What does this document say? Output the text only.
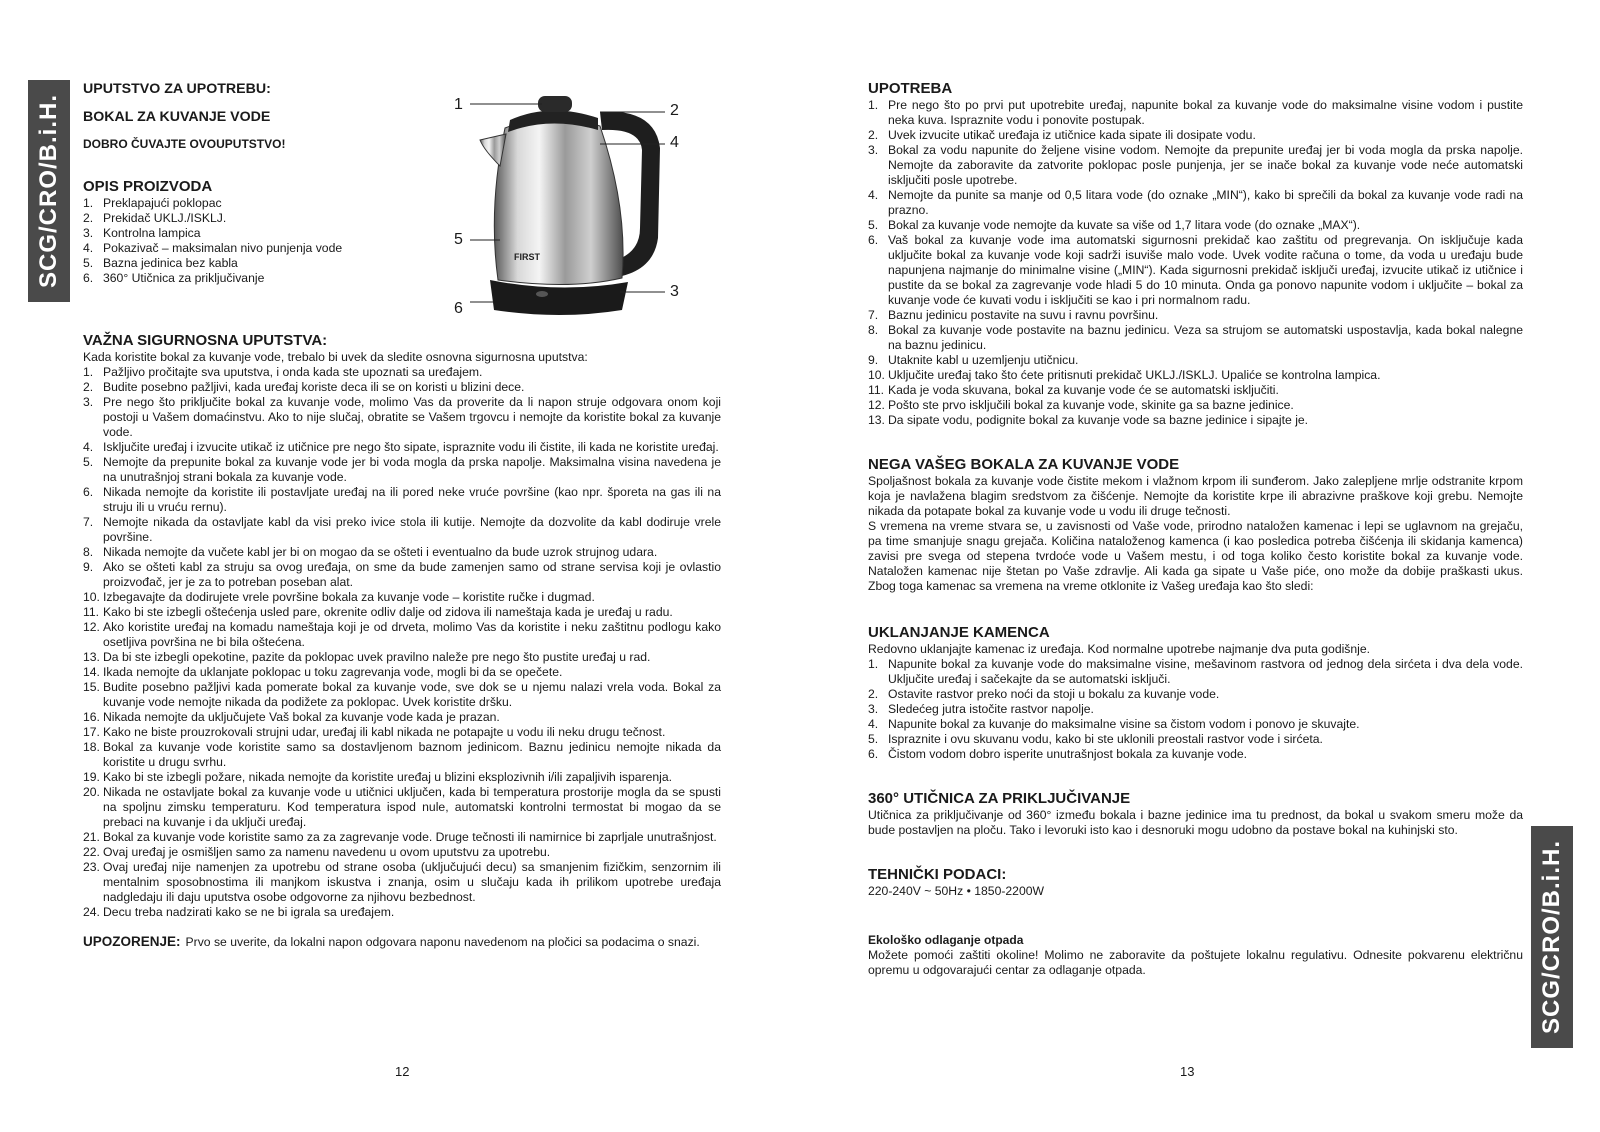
SCG/CRO/B.i.H.
UPUTSTVO ZA UPOTREBU:
BOKAL ZA KUVANJE VODE
DOBRO ČUVAJTE OVOUPUTSTVO!
OPIS PROIZVODA
1. Preklapajući poklopac
2. Prekidač UKLJ./ISKLJ.
3. Kontrolna lampica
4. Pokazivač – maksimalan nivo punjenja vode
5. Bazna jedinica bez kabla
6. 360° Utičnica za priključivanje
VAŽNA SIGURNOSNA UPUTSTVA:

Kada koristite bokal za kuvanje vode, trebalo bi uvek da sledite osnovna sigurnosna uputstva:

1. Pažljivo pročitajte sva uputstva, i onda kada ste upoznati sa uređajem.
2. Budite posebno pažljivi, kada uređaj koriste deca ili se on koristi u blizini dece.
3. Pre nego što priključite bokal za kuvanje vode, molimo Vas da proverite da li napon struje odgovara onom koji postoji u Vašem domaćinstvu. Ako to nije slučaj, obratite se Vašem trgovcu i nemojte da koristite bokal za kuvanje vode.
4. Isključite uređaj i izvucite utikač iz utičnice pre nego što sipate, ispraznite vodu ili čistite, ili kada ne koristite uređaj.
5. Nemojte da prepunite bokal za kuvanje vode jer bi voda mogla da prska napolje. Maksimalna visina navedena je na unutrašnjoj strani bokala za kuvanje vode.
6. Nikada nemojte da koristite ili postavljate uređaj na ili pored neke vruće površine (kao npr. šporeta na gas ili na struju ili u vruću rernu).
7. Nemojte nikada da ostavljate kabl da visi preko ivice stola ili kutije. Nemojte da dozvolite da kabl dodiruje vrele površine.
8. Nikada nemojte da vučete kabl jer bi on mogao da se ošteti i eventualno da bude uzrok strujnog udara.
9. Ako se ošteti kabl za struju sa ovog uređaja, on sme da bude zamenjen samo od strane servisa koji je ovlastio proizvođač, jer je za to potreban poseban alat.
10. Izbegavajte da dodirujete vrele površine bokala za kuvanje vode – koristite ručke i dugmad.
11. Kako bi ste izbegli oštećenja usled pare, okrenite odliv dalje od zidova ili nameštaja kada je uređaj u radu.
12. Ako koristite uređaj na komadu nameštaja koji je od drveta, molimo Vas da koristite i neku zaštitnu podlogu kako osetljiva površina ne bi bila oštećena.
13. Da bi ste izbegli opekotine, pazite da poklopac uvek pravilno naleže pre nego što pustite uređaj u rad.
14. Ikada nemojte da uklanjate poklopac u toku zagrevanja vode, mogli bi da se opečete.
15. Budite posebno pažljivi kada pomerate bokal za kuvanje vode, sve dok se u njemu nalazi vrela voda. Bokal za kuvanje vode nemojte nikada da podižete za poklopac. Uvek koristite dršku.
16. Nikada nemojte da uključujete Vaš bokal za kuvanje vode kada je prazan.
17. Kako ne biste prouzrokovali strujni udar, uređaj ili kabl nikada ne potapajte u vodu ili neku drugu tečnost.
18. Bokal za kuvanje vode koristite samo sa dostavljenom baznom jedinicom. Baznu jedinicu nemojte nikada da koristite u drugu svrhu.
19. Kako bi ste izbegli požare, nikada nemojte da koristite uređaj u blizini eksplozivnih i/ili zapaljivih isparenja.
20. Nikada ne ostavljate bokal za kuvanje vode u utičnici uključen, kada bi temperatura prostorije mogla da se spusti na spoljnu zimsku temperaturu. Kod temperatura ispod nule, automatski kontrolni termostat bi mogao da se prebaci na kuvanje i da uključi uređaj.
21. Bokal za kuvanje vode koristite samo za za zagrevanje vode. Druge tečnosti ili namirnice bi zaprljale unutrašnjost.
22. Ovaj uređaj je osmišljen samo za namenu navedenu u ovom uputstvu za upotrebu.
23. Ovaj uređaj nije namenjen za upotrebu od strane osoba (uključujući decu) sa smanjenim fizičkim, senzornim ili mentalnim sposobnostima ili manjkom iskustva i znanja, osim u slučaju kada ih prilikom upotrebe uređaja nadgledaju ili daju uputstva osobe odgovorne za njihovu bezbednost.
24. Decu treba nadzirati kako se ne bi igrala sa uređajem.
UPOZORENJE: Prvo se uverite, da lokalni napon odgovara naponu navedenom na pločici sa podacima o snazi.
FIRST
1	2
4
5
3
6
12
UPOTREBA
1. Pre nego što po prvi put upotrebite uređaj, napunite bokal za kuvanje vode do maksimalne visine vodom i pustite neka kuva. Ispraznite vodu i ponovite postupak.
2. Uvek izvucite utikač uređaja iz utičnice kada sipate ili dosipate vodu.
3. Bokal za vodu napunite do željene visine vodom. Nemojte da prepunite uređaj jer bi voda mogla da prska napolje. Nemojte da zaboravite da zatvorite poklopac posle punjenja, jer se inače bokal za kuvanje vode neće automatski isključiti posle upotrebe.
4. Nemojte da punite sa manje od 0,5 litara vode (do oznake „MIN“), kako bi sprečili da bokal za kuvanje vode radi na prazno.
5. Bokal za kuvanje vode nemojte da kuvate sa više od 1,7 litara vode (do oznake „MAX“).
6. Vaš bokal za kuvanje vode ima automatski sigurnosni prekidač kao zaštitu od pregrevanja. On isključuje kada uključite bokal za kuvanje vode koji sadrži isuviše malo vode. Uvek vodite računa o tome, da voda u uređaju bude napunjena najmanje do minimalne visine („MIN“). Kada sigurnosni prekidač isključi uređaj, izvucite utikač iz utičnice i pustite da se bokal za zagrevanje vode hladi 5 do 10 minuta. Onda ga ponovo napunite vodom i uključite – bokal za kuvanje vode će kuvati vodu i isključiti se kao i pri normalnom radu.
7. Baznu jedinicu postavite na suvu i ravnu površinu.
8. Bokal za kuvanje vode postavite na baznu jedinicu. Veza sa strujom se automatski uspostavlja, kada bokal nalegne na baznu jedinicu.
9. Utaknite kabl u uzemljenju utičnicu.
10. Uključite uređaj tako što ćete pritisnuti prekidač UKLJ./ISKLJ. Upaliće se kontrolna lampica.
11. Kada je voda skuvana, bokal za kuvanje vode će se automatski isključiti.
12. Pošto ste prvo isključili bokal za kuvanje vode, skinite ga sa bazne jedinice.
13. Da sipate vodu, podignite bokal za kuvanje vode sa bazne jedinice i sipajte je.
NEGA VAŠEG BOKALA ZA KUVANJE VODE

Spoljašnost bokala za kuvanje vode čistite mekom i vlažnom krpom ili sunđerom. Jako zalepljene mrlje odstranite krpom koja je navlažena blagim sredstvom za čišćenje. Nemojte da koristite krpe ili abrazivne praškove koji grebu. Nemojte nikada da potapate bokal za kuvanje vode u vodu ili druge tečnosti.

S vremena na vreme stvara se, u zavisnosti od Vaše vode, prirodno nataložen kamenac i lepi se uglavnom na grejaču, pa time smanjuje snagu grejača. Količina nataloženog kamenca (i kao posledica potreba čišćenja ili skidanja kamenca) zavisi pre svega od stepena tvrdoće vode u Vašem mestu, i od toga koliko često koristite bokal za kuvanje vode. Nataložen kamenac nije štetan po Vaše zdravlje. Ali kada ga sipate u Vaše piće, ono može da dobije praškasti ukus. Zbog toga kamenac sa vremena na vreme otklonite iz Vašeg uređaja kao što sledi:

UKLANJANJE KAMENCA

Redovno uklanjajte kamenac iz uređaja. Kod normalne upotrebe najmanje dva puta godišnje.

1. Napunite bokal za kuvanje vode do maksimalne visine, mešavinom rastvora od jednog dela sirćeta i dva dela vode. Uključite uređaj i sačekajte da se automatski isključi.
2. Ostavite rastvor preko noći da stoji u bokalu za kuvanje vode.
3. Sledećeg jutra istočite rastvor napolje.
4. Napunite bokal za kuvanje do maksimalne visine sa čistom vodom i ponovo je skuvajte.
5. Ispraznite i ovu skuvanu vodu, kako bi ste uklonili preostali rastvor vode i sirćeta.
6. Čistom vodom dobro isperite unutrašnjost bokala za kuvanje vode.
360° UTIČNICA ZA PRIKLJUČIVANJE

Utičnica za priključivanje od 360° između bokala i bazne jedinice ima tu prednost, da bokal u svakom smeru može da bude postavljen na ploču. Tako i levoruki isto kao i desnoruki mogu udobno da postave bokal na kuhinjski sto.

TEHNIČKI PODACI:
220-240V ~ 50Hz • 1850-2200W
Ekološko odlaganje otpada

Možete pomoći zaštiti okoline! Molimo ne zaboravite da poštujete lokalnu regulativu. Odnesite pokvarenu električnu opremu u odgovarajući centar za odlaganje otpada.	SCG/CRO/B.i.H.
13
